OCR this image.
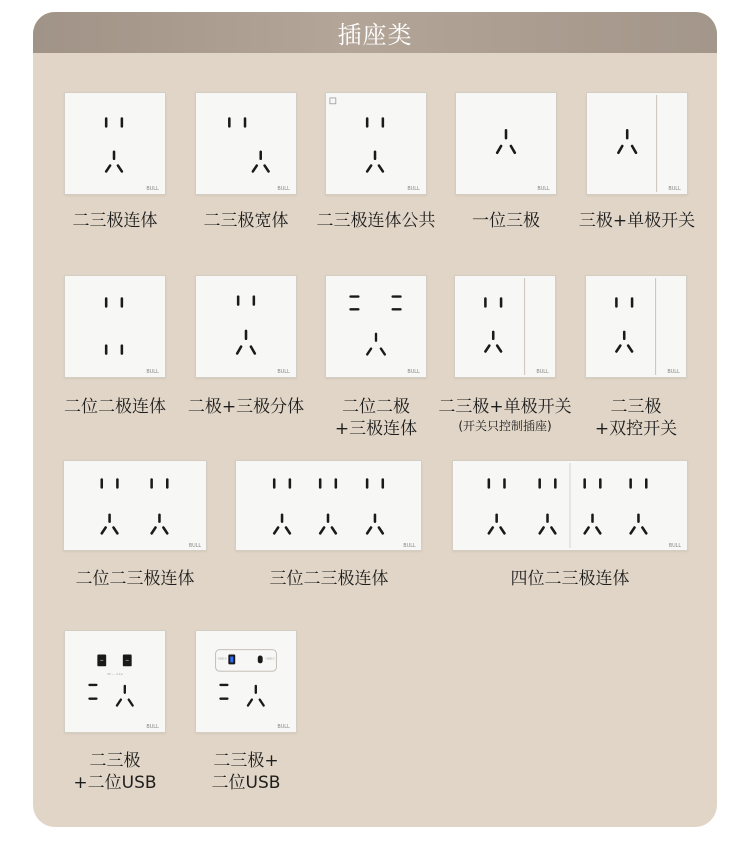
插座类
BULL
二三极连体
BULL
二三极宽体
BULL
二三极连体公共
BULL
一位三极
BULL
三极+单极开关
BULL
二位二极连体
BULL
二极+三极分体
BULL
二位二极
+三极连体
BULL
二三极+单极开关
(开关只控制插座)
BULL
二三极
+双控开关
BULL
二位二三极连体
BULL
三位二三极连体
BULL
四位二三极连体
5V --- 2.1A
BULL
二三极
+二位USB
USB-A	USB-C
BULL
二三极+
二位USB
